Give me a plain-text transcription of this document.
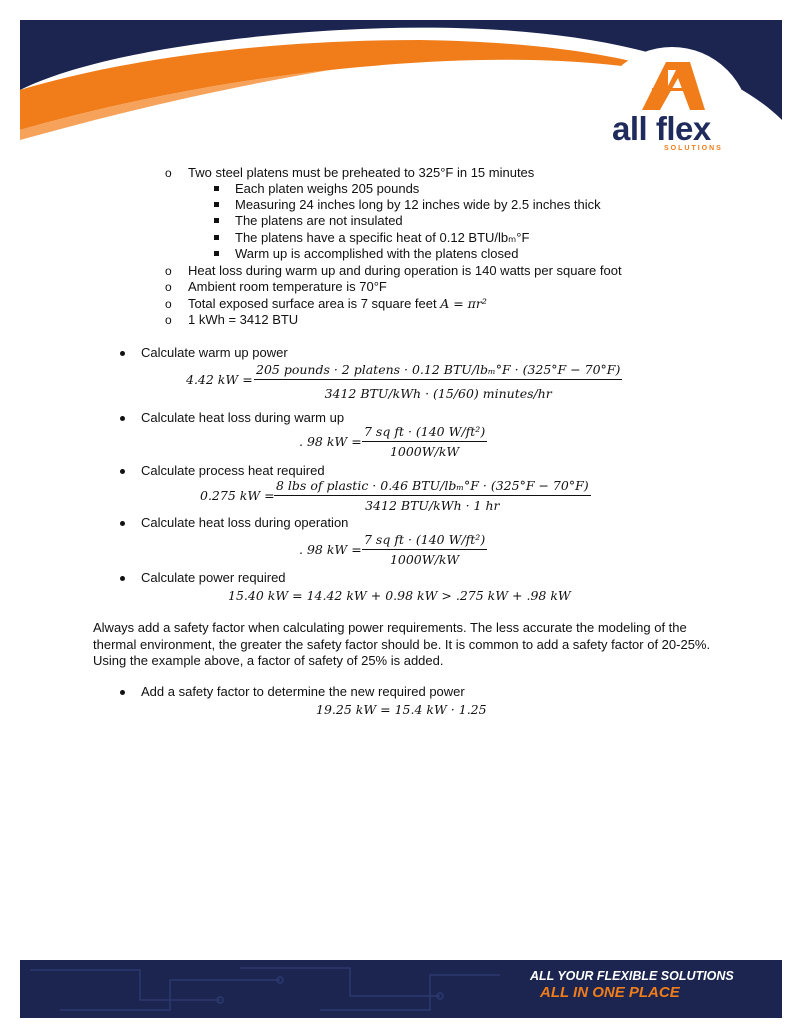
all flex
SOLUTIONS
o Two steel platens must be preheated to 325°F in 15 minutes
Each platen weighs 205 pounds
Measuring 24 inches long by 12 inches wide by 2.5 inches thick
The platens are not insulated
The platens have a specific heat of 0.12 BTU/lbₘ°F
Warm up is accomplished with the platens closed
o Heat loss during warm up and during operation is 140 watts per square foot
o Ambient room temperature is 70°F
o Total exposed surface area is 7 square feet A = πr²
o 1 kWh = 3412 BTU
Calculate warm up power
4.42 kW =
205 pounds · 2 platens · 0.12 BTU/lbₘ°F · (325°F − 70°F)
3412 BTU/kWh · (15/60) minutes/hr
Calculate heat loss during warm up
. 98 kW = $\frac{\text{7 sq ft · (140 W/ft²)}}{1000W/kW}$
Calculate process heat required
0.275 kW =
8 lbs of plastic · 0.46 BTU/lbₘ°F · (325°F − 70°F)
3412 BTU/kWh · 1 hr
Calculate heat loss during operation
. 98 kW = $\frac{\text{7 sq ft · (140 W/ft²)}}{1000W/kW}$
Calculate power required
15.40 kW = 14.42 kW + 0.98 kW > .275 kW + .98 kW
Always add a safety factor when calculating power requirements. The less accurate the modeling of the thermal environment, the greater the safety factor should be. It is common to add a safety factor of 20-25%. Using the example above, a factor of safety of 25% is added.
Add a safety factor to determine the new required power
19.25 kW = 15.4 kW · 1.25
ALL YOUR FLEXIBLE SOLUTIONS
ALL IN ONE PLACE
